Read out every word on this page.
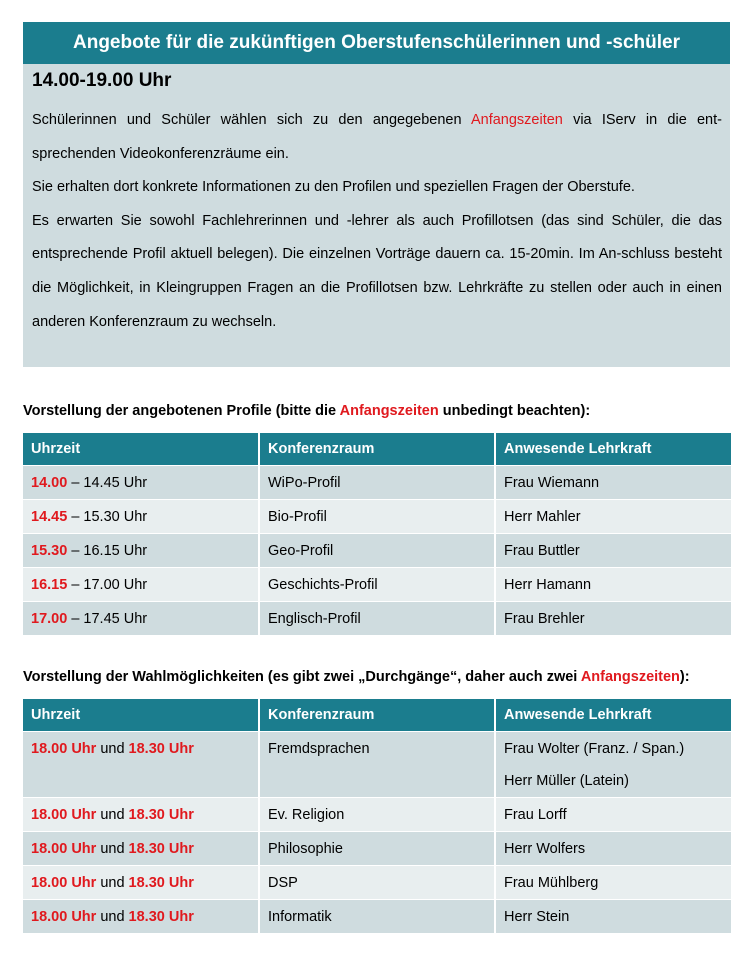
Angebote für die zukünftigen Oberstufenschülerinnen und -schüler
14.00-19.00 Uhr

Schülerinnen und Schüler wählen sich zu den angegebenen Anfangszeiten via IServ in die ent-sprechenden Videokonferenzräume ein.

Sie erhalten dort konkrete Informationen zu den Profilen und speziellen Fragen der Oberstufe.

Es erwarten Sie sowohl Fachlehrerinnen und -lehrer als auch Profillotsen (das sind Schüler, die das entsprechende Profil aktuell belegen). Die einzelnen Vorträge dauern ca. 15-20min. Im An-schluss besteht die Möglichkeit, in Kleingruppen Fragen an die Profillotsen bzw. Lehrkräfte zu stellen oder auch in einen anderen Konferenzraum zu wechseln.

Vorstellung der angebotenen Profile (bitte die Anfangszeiten unbedingt beachten):
Uhrzeit	Konferenzraum	Anwesende Lehrkraft
14.00 – 14.45 Uhr	WiPo-Profil	Frau Wiemann
14.45 – 15.30 Uhr	Bio-Profil	Herr Mahler
15.30 – 16.15 Uhr	Geo-Profil	Frau Buttler
16.15 – 17.00 Uhr	Geschichts-Profil	Herr Hamann
17.00 – 17.45 Uhr	Englisch-Profil	Frau Brehler
Vorstellung der Wahlmöglichkeiten (es gibt zwei „Durchgänge“, daher auch zwei Anfangszeiten):
Uhrzeit	Konferenzraum	Anwesende Lehrkraft

18.00 Uhr und 18.30 Uhr	Fremdsprachen	Frau Wolter (Franz. / Span.)
Herr Müller (Latein)

18.00 Uhr und 18.30 Uhr	Ev. Religion	Frau Lorff
18.00 Uhr und 18.30 Uhr	Philosophie	Herr Wolfers
18.00 Uhr und 18.30 Uhr	DSP	Frau Mühlberg
18.00 Uhr und 18.30 Uhr	Informatik	Herr Stein
